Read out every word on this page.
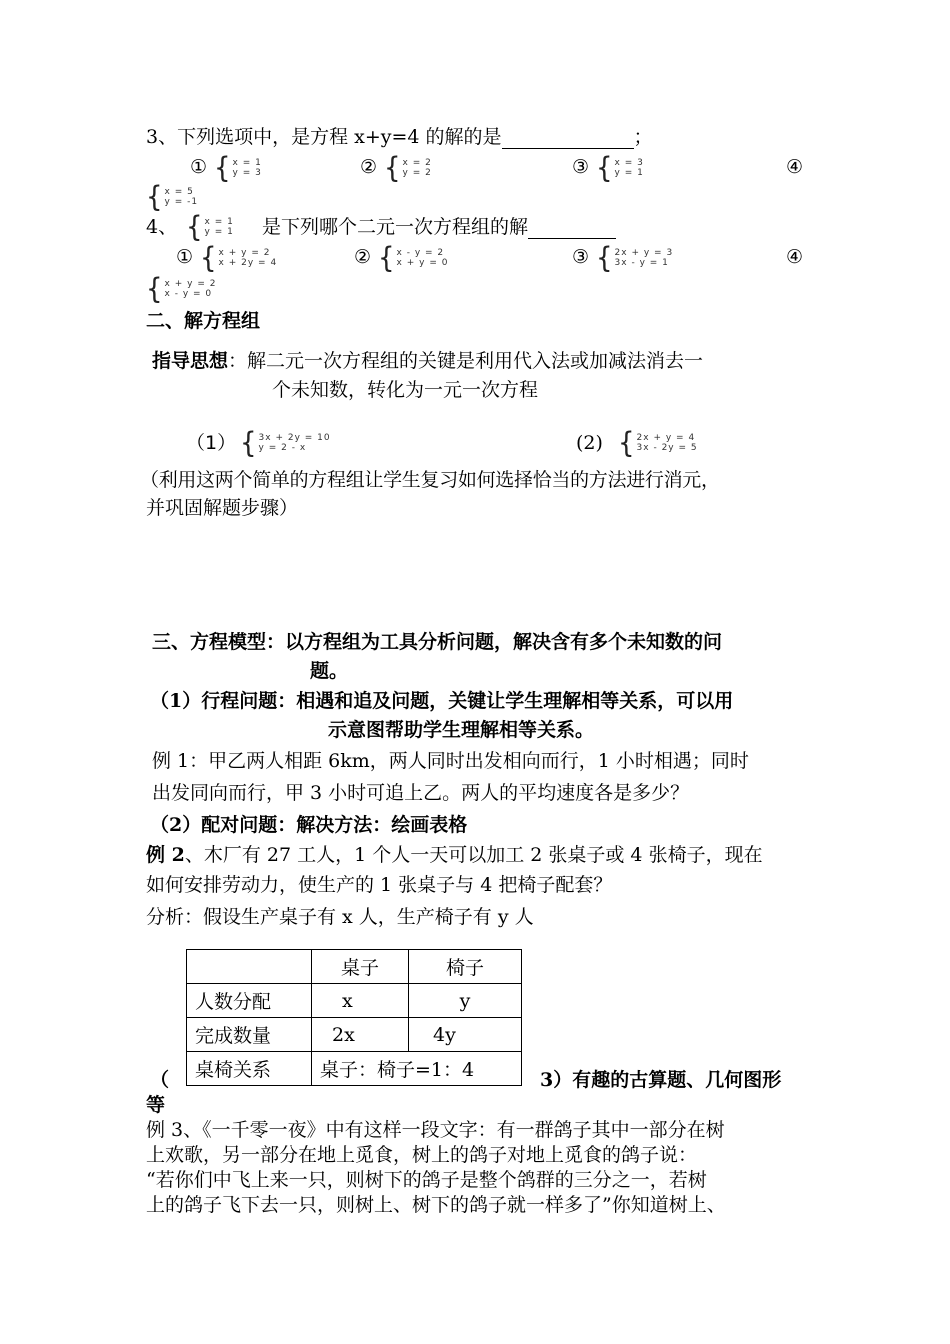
3、下列选项中，是方程 x+y=4 的解的是	；
① { x = 1
y = 3	② { x = 2
y = 2	③ { x = 3
y = 1	④
{ x = 5
y = -1
4、 { x = 1
y = 1 是下列哪个二元一次方程组的解
① { x + y = 2
x + 2y = 4	② { x - y = 2
x + y = 0	③ { 2x + y = 3
3x - y = 1	④
{ x + y = 2
x - y = 0
二、解方程组
指导思想：解二元一次方程组的关键是利用代入法或加减法消去一
个未知数，转化为一元一次方程
（1） { 3x + 2y = 10
y = 2 - x	(2) { 2x + y = 4
3x - 2y = 5
（利用这两个简单的方程组让学生复习如何选择恰当的方法进行消元，
并巩固解题步骤）
三、方程模型：以方程组为工具分析问题，解决含有多个未知数的问
题。
（1）行程问题：相遇和追及问题，关键让学生理解相等关系，可以用
示意图帮助学生理解相等关系。
例 1：甲乙两人相距 6km，两人同时出发相向而行，1 小时相遇；同时
出发同向而行，甲 3 小时可追上乙。两人的平均速度各是多少？
（2）配对问题：解决方法：绘画表格
例 2、木厂有 27 工人，1 个人一天可以加工 2 张桌子或 4 张椅子，现在
如何安排劳动力，使生产的 1 张桌子与 4 把椅子配套？
分析：假设生产桌子有 x 人，生产椅子有 y 人
	桌子	椅子
人数分配	x	y
完成数量	2x	4y
桌椅关系	桌子：椅子=1：4	
（	3）有趣的古算题、几何图形
等
例 3、《一千零一夜》中有这样一段文字：有一群鸽子其中一部分在树
上欢歌，另一部分在地上觅食，树上的鸽子对地上觅食的鸽子说：
“若你们中飞上来一只，则树下的鸽子是整个鸽群的三分之一，若树
上的鸽子飞下去一只，则树上、树下的鸽子就一样多了”你知道树上、
